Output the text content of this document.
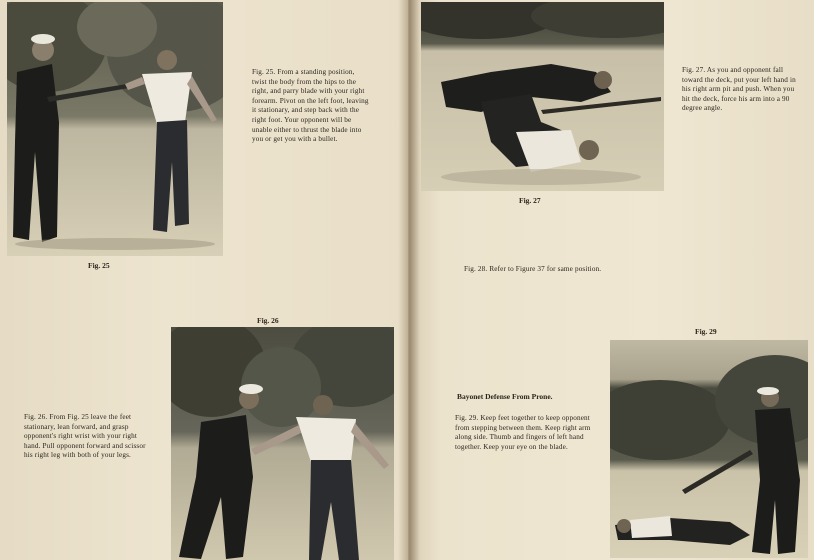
Fig. 25
Fig. 25. From a standing position, twist the body from the hips to the right, and parry blade with your right forearm. Pivot on the left foot, leaving it stationary, and step back with the right foot. Your opponent will be unable either to thrust the blade into you or get you with a bullet.
Fig. 26
Fig. 26. From Fig. 25 leave the feet stationary, lean forward, and grasp opponent's right wrist with your right hand. Pull opponent forward and scissor his right leg with both of your legs.
Fig. 27
Fig. 27. As you and opponent fall toward the deck, put your left hand in his right arm pit and push. When you hit the deck, force his arm into a 90 degree angle.
Fig. 28. Refer to Figure 37 for same position.
Fig. 29
Bayonet Defense From Prone.
Fig. 29. Keep feet together to keep opponent from stepping between them. Keep right arm along side. Thumb and fingers of left hand together. Keep your eye on the blade.
